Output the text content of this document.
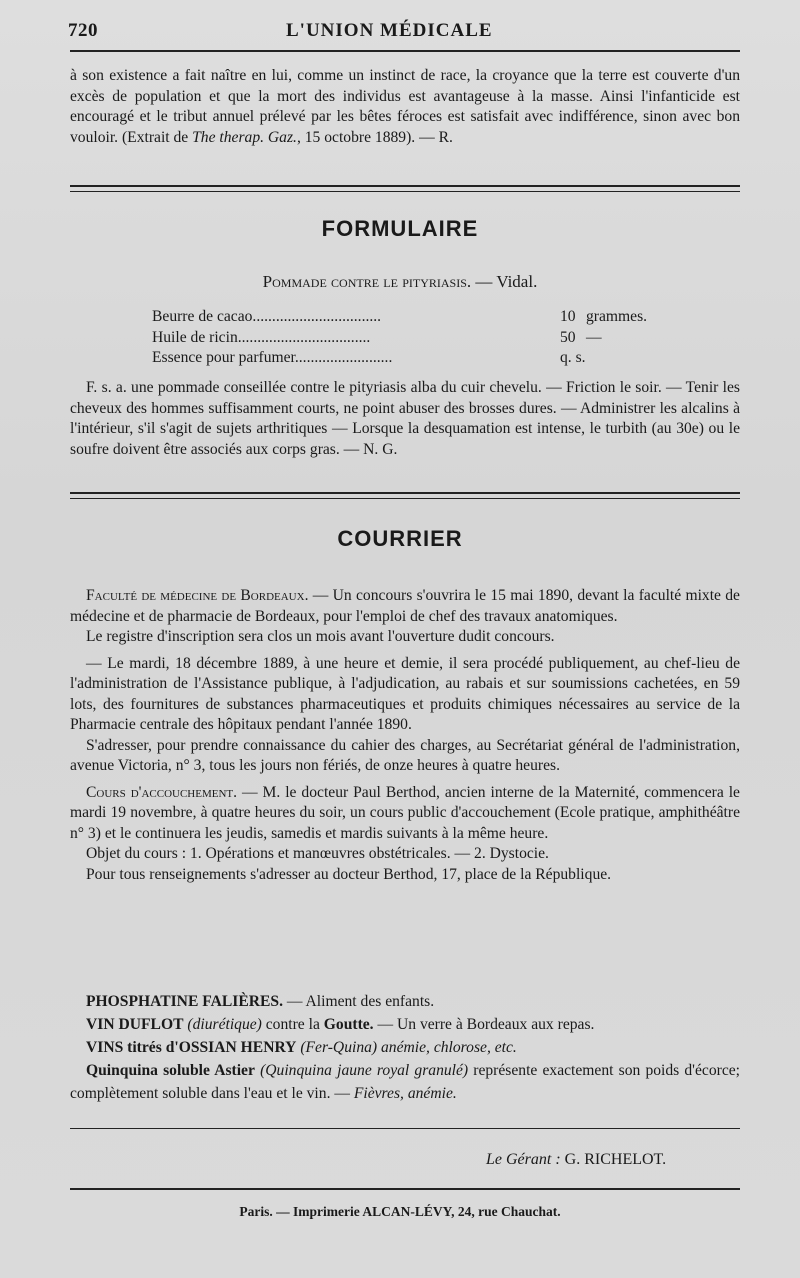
720	L'UNION MÉDICALE

à son existence a fait naître en lui, comme un instinct de race, la croyance que la terre est couverte d'un excès de population et que la mort des individus est avantageuse à la masse. Ainsi l'infanticide est encouragé et le tribut annuel prélevé par les bêtes féroces est satisfait avec indifférence, sinon avec bon vouloir. (Extrait de The therap. Gaz., 15 octobre 1889). — R.

FORMULAIRE
Pommade contre le pityriasis. — Vidal.
Beurre de cacao.................................	10 grammes.
Huile de ricin..................................	50 —
Essence pour parfumer.........................	q. s.

F. s. a. une pommade conseillée contre le pityriasis alba du cuir chevelu. — Friction le soir. — Tenir les cheveux des hommes suffisamment courts, ne point abuser des brosses dures. — Administrer les alcalins à l'intérieur, s'il s'agit de sujets arthritiques — Lorsque la desquamation est intense, le turbith (au 30e) ou le soufre doivent être associés aux corps gras. — N. G.

COURRIER

Faculté de médecine de Bordeaux. — Un concours s'ouvrira le 15 mai 1890, devant la faculté mixte de médecine et de pharmacie de Bordeaux, pour l'emploi de chef des travaux anatomiques.

Le registre d'inscription sera clos un mois avant l'ouverture dudit concours.

— Le mardi, 18 décembre 1889, à une heure et demie, il sera procédé publiquement, au chef-lieu de l'administration de l'Assistance publique, à l'adjudication, au rabais et sur soumissions cachetées, en 59 lots, des fournitures de substances pharmaceutiques et produits chimiques nécessaires au service de la Pharmacie centrale des hôpitaux pendant l'année 1890.

S'adresser, pour prendre connaissance du cahier des charges, au Secrétariat général de l'administration, avenue Victoria, n° 3, tous les jours non fériés, de onze heures à quatre heures.

Cours d'accouchement. — M. le docteur Paul Berthod, ancien interne de la Maternité, commencera le mardi 19 novembre, à quatre heures du soir, un cours public d'accouchement (Ecole pratique, amphithéâtre n° 3) et le continuera les jeudis, samedis et mardis suivants à la même heure.

Objet du cours : 1. Opérations et manœuvres obstétricales. — 2. Dystocie.

Pour tous renseignements s'adresser au docteur Berthod, 17, place de la République.

PHOSPHATINE FALIÈRES. — Aliment des enfants.

VIN DUFLOT (diurétique) contre la Goutte. — Un verre à Bordeaux aux repas.

VINS titrés d'OSSIAN HENRY (Fer-Quina) anémie, chlorose, etc.

Quinquina soluble Astier (Quinquina jaune royal granulé) représente exactement son poids d'écorce; complètement soluble dans l'eau et le vin. — Fièvres, anémie.

Le Gérant : G. RICHELOT.
Paris. — Imprimerie ALCAN-LÉVY, 24, rue Chauchat.
